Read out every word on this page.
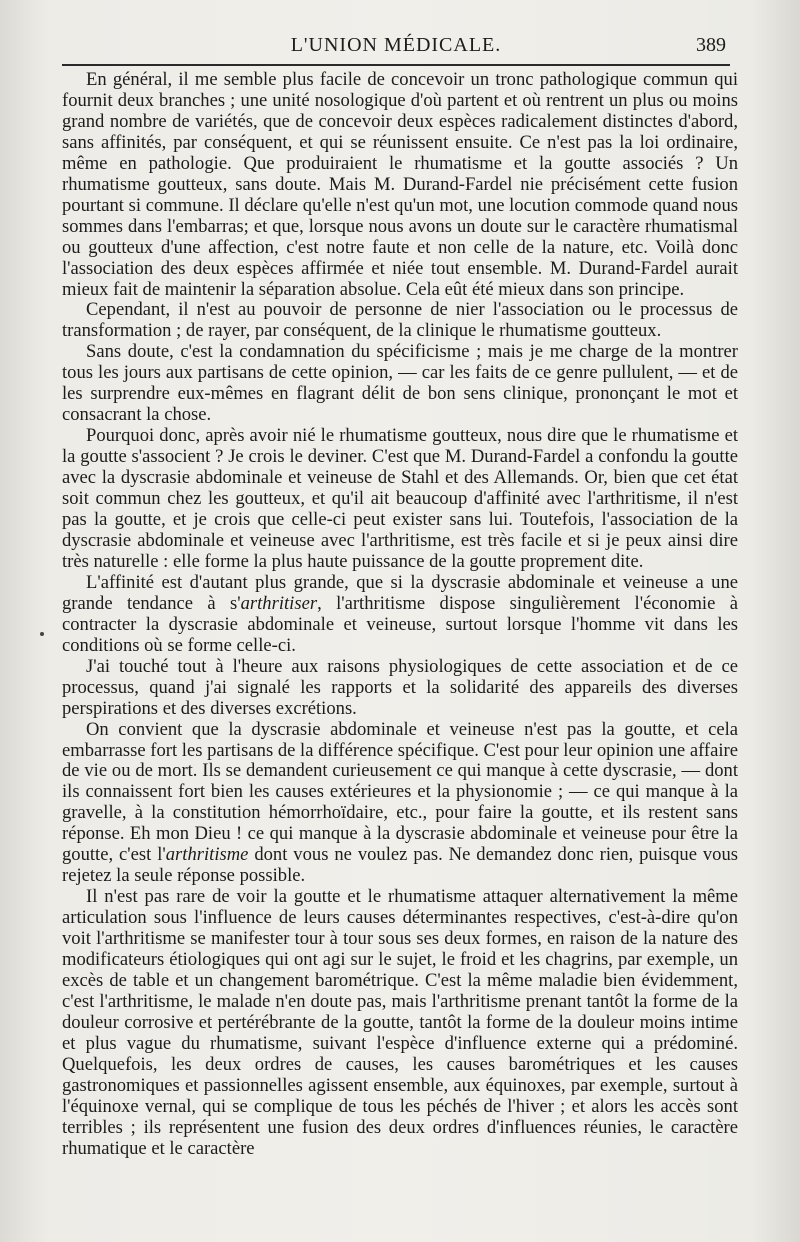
L'UNION MÉDICALE.	389

En général, il me semble plus facile de concevoir un tronc pathologique commun qui fournit deux branches ; une unité nosologique d'où partent et où rentrent un plus ou moins grand nombre de variétés, que de concevoir deux espèces radicalement distinctes d'abord, sans affinités, par conséquent, et qui se réunissent ensuite. Ce n'est pas la loi ordinaire, même en pathologie. Que produiraient le rhumatisme et la goutte associés ? Un rhumatisme goutteux, sans doute. Mais M. Durand-Fardel nie précisément cette fusion pourtant si commune. Il déclare qu'elle n'est qu'un mot, une locution commode quand nous sommes dans l'embarras; et que, lorsque nous avons un doute sur le caractère rhumatismal ou goutteux d'une affection, c'est notre faute et non celle de la nature, etc. Voilà donc l'association des deux espèces affirmée et niée tout ensemble. M. Durand-Fardel aurait mieux fait de maintenir la séparation absolue. Cela eût été mieux dans son principe.

Cependant, il n'est au pouvoir de personne de nier l'association ou le processus de transformation ; de rayer, par conséquent, de la clinique le rhumatisme goutteux.

Sans doute, c'est la condamnation du spécificisme ; mais je me charge de la montrer tous les jours aux partisans de cette opinion, — car les faits de ce genre pullulent, — et de les surprendre eux-mêmes en flagrant délit de bon sens clinique, prononçant le mot et consacrant la chose.

Pourquoi donc, après avoir nié le rhumatisme goutteux, nous dire que le rhumatisme et la goutte s'associent ? Je crois le deviner. C'est que M. Durand-Fardel a confondu la goutte avec la dyscrasie abdominale et veineuse de Stahl et des Allemands. Or, bien que cet état soit commun chez les goutteux, et qu'il ait beaucoup d'affinité avec l'arthritisme, il n'est pas la goutte, et je crois que celle-ci peut exister sans lui. Toutefois, l'association de la dyscrasie abdominale et veineuse avec l'arthritisme, est très facile et si je peux ainsi dire très naturelle : elle forme la plus haute puissance de la goutte proprement dite.

L'affinité est d'autant plus grande, que si la dyscrasie abdominale et veineuse a une grande tendance à s'arthritiser, l'arthritisme dispose singulièrement l'économie à contracter la dyscrasie abdominale et veineuse, surtout lorsque l'homme vit dans les conditions où se forme celle-ci.

J'ai touché tout à l'heure aux raisons physiologiques de cette association et de ce processus, quand j'ai signalé les rapports et la solidarité des appareils des diverses perspirations et des diverses excrétions.

On convient que la dyscrasie abdominale et veineuse n'est pas la goutte, et cela embarrasse fort les partisans de la différence spécifique. C'est pour leur opinion une affaire de vie ou de mort. Ils se demandent curieusement ce qui manque à cette dyscrasie, — dont ils connaissent fort bien les causes extérieures et la physionomie ; — ce qui manque à la gravelle, à la constitution hémorrhoïdaire, etc., pour faire la goutte, et ils restent sans réponse. Eh mon Dieu ! ce qui manque à la dyscrasie abdominale et veineuse pour être la goutte, c'est l'arthritisme dont vous ne voulez pas. Ne demandez donc rien, puisque vous rejetez la seule réponse possible.

Il n'est pas rare de voir la goutte et le rhumatisme attaquer alternativement la même articulation sous l'influence de leurs causes déterminantes respectives, c'est-à-dire qu'on voit l'arthritisme se manifester tour à tour sous ses deux formes, en raison de la nature des modificateurs étiologiques qui ont agi sur le sujet, le froid et les chagrins, par exemple, un excès de table et un changement barométrique. C'est la même maladie bien évidemment, c'est l'arthritisme, le malade n'en doute pas, mais l'arthritisme prenant tantôt la forme de la douleur corrosive et pertérébrante de la goutte, tantôt la forme de la douleur moins intime et plus vague du rhumatisme, suivant l'espèce d'influence externe qui a prédominé. Quelquefois, les deux ordres de causes, les causes barométriques et les causes gastronomiques et passionnelles agissent ensemble, aux équinoxes, par exemple, surtout à l'équinoxe vernal, qui se complique de tous les péchés de l'hiver ; et alors les accès sont terribles ; ils représentent une fusion des deux ordres d'influences réunies, le caractère rhumatique et le caractère
